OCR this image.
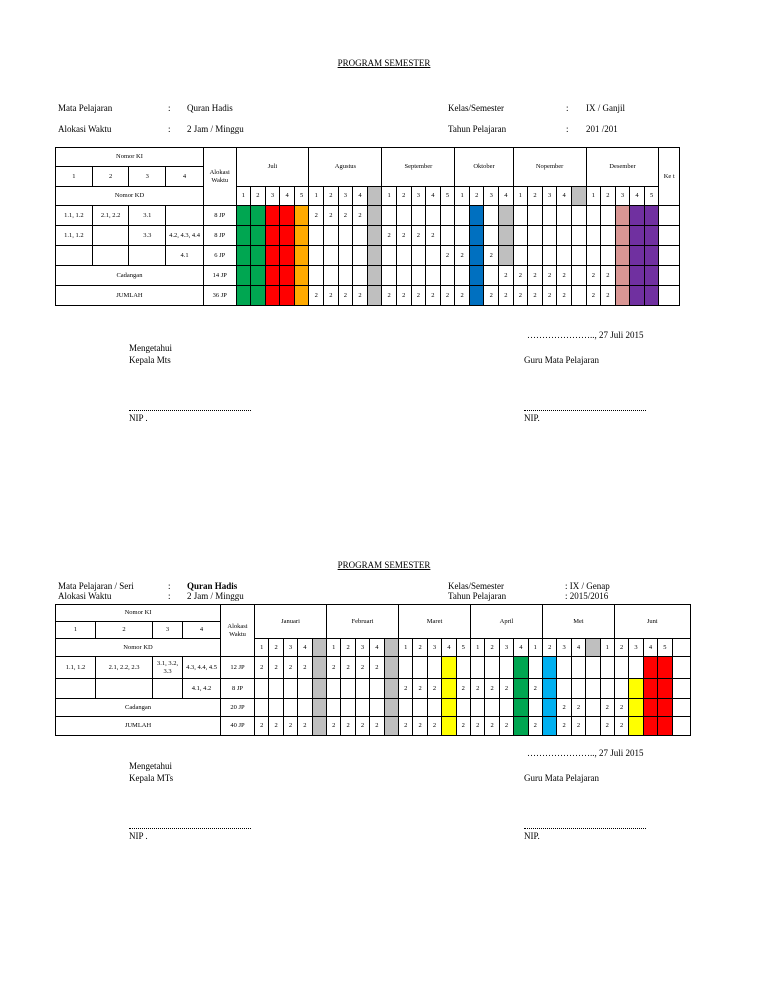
PROGRAM SEMESTER
Mata Pelajaran	: Quran Hadis
Alokasi Waktu	: 2 Jam / Minggu
Kelas/Semester	: IX / Ganjil
Tahun Pelajaran	: 201 /201
Nomor KI				Alokasi Waktu	Juli					Agustus					September					Oktober				Nopember					Desember					Ke t
1	2	3	4																															
Nomor KD					1	2	3	4	5	1	2	3	4		1	2	3	4	5	1	2	3	4	1	2	3	4		1	2	3	4	5	
1.1, 1.2	2.1, 2.2	3.1		8 JP						2	2	2	2																					
1.1, 1.2		3.3	4.2, 4.3, 4.4	8 JP											2	2	2	2																
			4.1	6 JP															2	2		2												
Cadangan				14 JP																			2	2	2	2	2		2	2				
JUMLAH				36 JP						2	2	2	2		2	2	2	2	2	2		2	2	2	2	2	2		2	2				
………………….., 27 Juli 2015
Mengetahui
Kepala Mts	Guru Mata Pelajaran
NIP .	NIP.
PROGRAM SEMESTER
Mata Pelajaran / Seri	: Quran Hadis
Alokasi Waktu	: 2 Jam / Minggu
Kelas/Semester	: IX / Genap
Tahun Pelajaran	: 2015/2016
Nomor KI				Alokasi Waktu	Januari					Februari					Maret					April					Mei					Juni	
1	2	3	4																																
Nomor KD					1	2	3	4		1	2	3	4		1	2	3	4	5	1	2	3	4	1	2	3	4		1	2	3	4	5		
1.1, 1.2	2.1, 2.2, 2.3	3.1, 3.2, 3.3	4.3, 4.4, 4.5	12 JP	2	2	2	2		2	2	2	2																						
			4.1, 4.2	8 JP											2	2	2		2	2	2	2		2											
Cadangan				20 JP																						2	2		2	2					
JUMLAH				40 JP	2	2	2	2		2	2	2	2		2	2	2		2	2	2	2		2		2	2		2	2					
………………….., 27 Juli 2015
Mengetahui
Kepala MTs	Guru Mata Pelajaran
NIP .	NIP.
